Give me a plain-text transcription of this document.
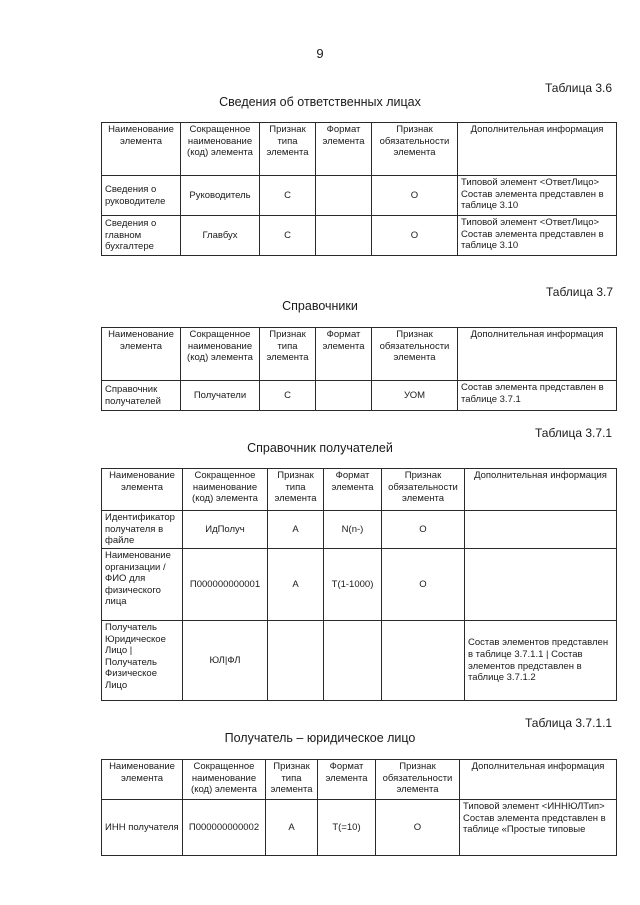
9
Таблица 3.6
Сведения об ответственных лицах
Наименование элемента	Сокращенное наименование (код) элемента	Признак типа элемента	Формат элемента	Признак обязательности элемента	Дополнительная информация
Сведения о руководителе	Руководитель	С		О	Типовой элемент <ОтветЛицо> Состав элемента представлен в таблице 3.10
Сведения о главном бухгалтере	Главбух	С		О	Типовой элемент <ОтветЛицо> Состав элемента представлен в таблице 3.10
Таблица 3.7
Справочники
Наименование элемента	Сокращенное наименование (код) элемента	Признак типа элемента	Формат элемента	Признак обязательности элемента	Дополнительная информация
Справочник получателей	Получатели	С		УОМ	Состав элемента представлен в таблице 3.7.1
Таблица 3.7.1
Справочник получателей
Наименование элемента	Сокращенное наименование (код) элемента	Признак типа элемента	Формат элемента	Признак обязательности элемента	Дополнительная информация
Идентификатор получателя в файле	ИдПолуч	А	N(n-)	О	
Наименование организации / ФИО для физического лица	П000000000001	А	Т(1-1000)	О	
Получатель Юридическое Лицо | Получатель Физическое Лицо	ЮЛ|ФЛ				Состав элементов представлен в таблице 3.7.1.1 | Состав элементов представлен в таблице 3.7.1.2
Таблица 3.7.1.1
Получатель – юридическое лицо
Наименование элемента	Сокращенное наименование (код) элемента	Признак типа элемента	Формат элемента	Признак обязательности элемента	Дополнительная информация
ИНН получателя	П000000000002	А	Т(=10)	О	Типовой элемент <ИННЮЛТип> Состав элемента представлен в таблице «Простые типовые
